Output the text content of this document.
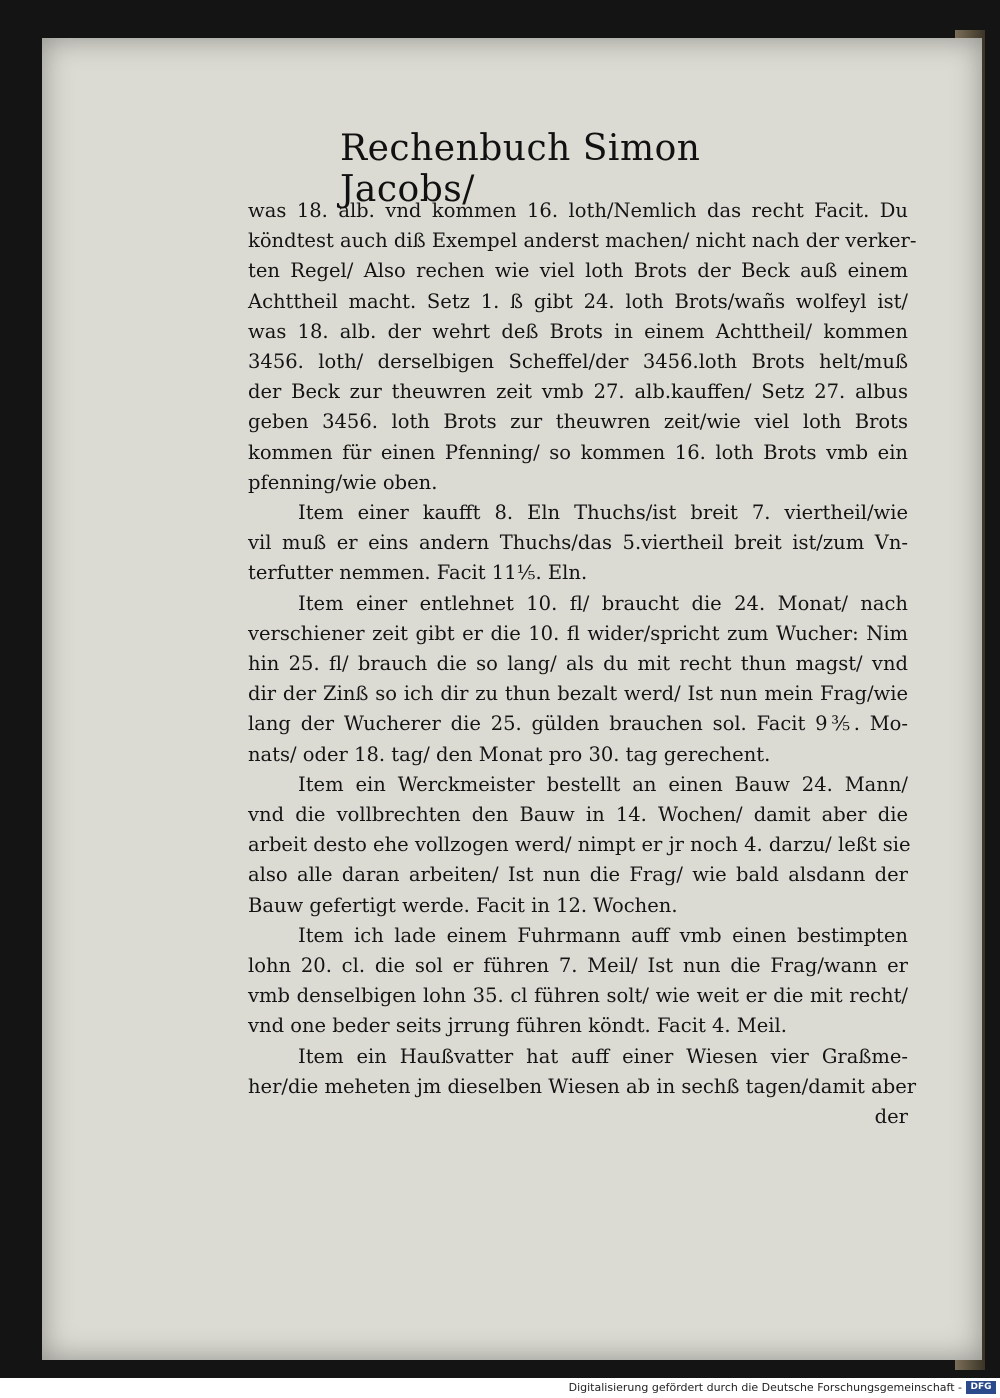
Rechenbuch Simon Jacobs/
was 18. alb. vnd kommen 16. loth/Nemlich das recht Facit. Du
köndtest auch diß Exempel anderst machen/ nicht nach der verker-
ten Regel/ Also rechen wie viel loth Brots der Beck auß einem
Achttheil macht. Setz 1. ß gibt 24. loth Brots/wañs wolfeyl ist/
was 18. alb. der wehrt deß Brots in einem Achttheil/ kommen
3456. loth/ derselbigen Scheffel/der 3456.loth Brots helt/muß
der Beck zur theuwren zeit vmb 27. alb.kauffen/ Setz 27. albus
geben 3456. loth Brots zur theuwren zeit/wie viel loth Brots
kommen für einen Pfenning/ so kommen 16. loth Brots vmb ein
pfenning/wie oben.
Item einer kaufft 8. Eln Thuchs/ist breit 7. viertheil/wie
vil muß er eins andern Thuchs/das 5.viertheil breit ist/zum Vn-
terfutter nemmen. Facit 11⅕. Eln.
Item einer entlehnet 10. fl/ braucht die 24. Monat/ nach
verschiener zeit gibt er die 10. fl wider/spricht zum Wucher: Nim
hin 25. fl/ brauch die so lang/ als du mit recht thun magst/ vnd
dir der Zinß so ich dir zu thun bezalt werd/ Ist nun mein Frag/wie
lang der Wucherer die 25. gülden brauchen sol. Facit 9⅗. Mo-
nats/ oder 18. tag/ den Monat pro 30. tag gerechent.
Item ein Werckmeister bestellt an einen Bauw 24. Mann/
vnd die vollbrechten den Bauw in 14. Wochen/ damit aber die
arbeit desto ehe vollzogen werd/ nimpt er jr noch 4. darzu/ leßt sie
also alle daran arbeiten/ Ist nun die Frag/ wie bald alsdann der
Bauw gefertigt werde. Facit in 12. Wochen.
Item ich lade einem Fuhrmann auff vmb einen bestimpten
lohn 20. cl. die sol er führen 7. Meil/ Ist nun die Frag/wann er
vmb denselbigen lohn 35. cl führen solt/ wie weit er die mit recht/
vnd one beder seits jrrung führen köndt. Facit 4. Meil.
Item ein Haußvatter hat auff einer Wiesen vier Graßme-
her/die meheten jm dieselben Wiesen ab in sechß tagen/damit aber
der
Digitalisierung gefördert durch die Deutsche Forschungsgemeinschaft - DFG
